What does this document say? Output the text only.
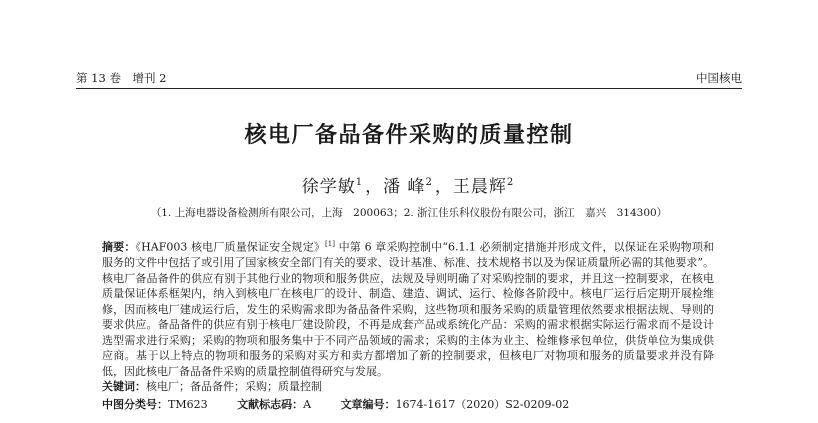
第 13 卷　增刊 2	中国核电
核电厂备品备件采购的质量控制
徐学敏$^1$ ，潘 峰$^2$ ，王晨辉$^2$
（1. 上海电器设备检测所有限公司，上海　200063；2. 浙江佳乐科仪股份有限公司，浙江　嘉兴　314300）
摘要：《HAF003 核电厂质量保证安全规定》[1] 中第 6 章采购控制中“6.1.1 必须制定措施并形成文件，以保证在采购物项和服务的文件中包括了或引用了国家核安全部门有关的要求、设计基准、标准、技术规格书以及为保证质量所必需的其他要求”。核电厂备品备件的供应有别于其他行业的物项和服务供应，法规及导则明确了对采购控制的要求，并且这一控制要求，在核电质量保证体系框架内，纳入到核电厂在核电厂的设计、制造、建造、调试、运行、检修各阶段中。核电厂运行后定期开展检维修，因而核电厂建成运行后，发生的采购需求即为备品备件采购，这些物项和服务采购的质量管理依然要求根据法规、导则的要求供应。备品备件的供应有别于核电厂建设阶段，不再是成套产品或系统化产品：采购的需求根据实际运行需求而不是设计选型需求进行采购；采购的物项和服务集中于不同产品领域的需求；采购的主体为业主、检维修承包单位，供货单位为集成供应商。基于以上特点的物项和服务的采购对买方和卖方都增加了新的控制要求，但核电厂对物项和服务的质量要求并没有降低，因此核电厂备品备件采购的质量控制值得研究与发展。
关键词：核电厂；备品备件；采购；质量控制
中图分类号：TM623	文献标志码：A	文章编号：1674-1617（2020）S2-0209-02
